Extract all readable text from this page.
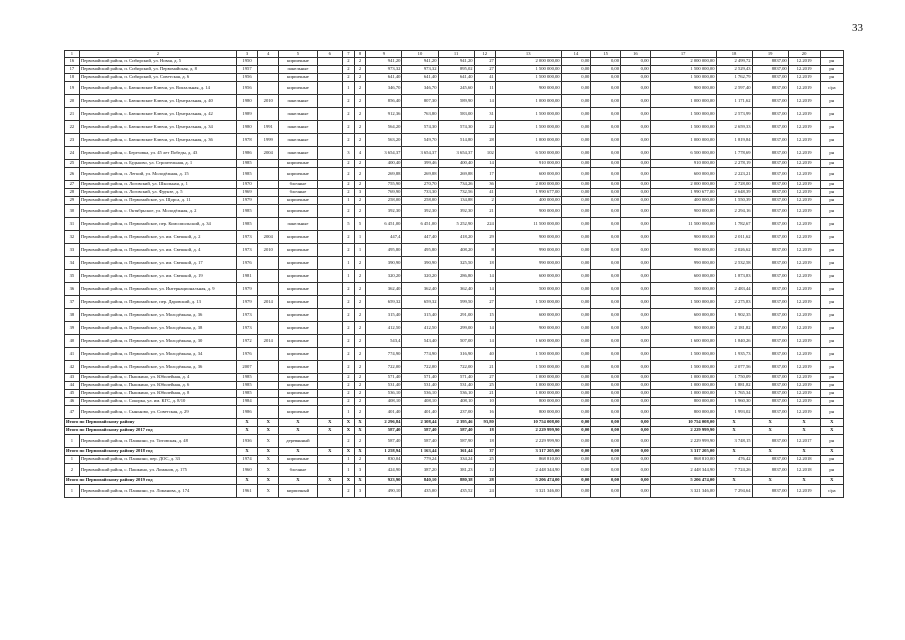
33
1	2	3	4	5	6	7	8	9	10	11	12	13	14	15	16	17	18	19	20	
16	Первомайский район, п. Сибирский, ул. Новая, д. 5	1950		кирпичные		2	2	941,20	941,20	941,20	27	2 000 000,00	0,00	0,00	0,00	2 000 000,00	2 499,72	8837,00	12.2019	рн
17	Первомайский район, п. Сибирский, ул. Первомайская, д. 8	1957		панельные		2	2	973,32	973,32	895,02	27	1 500 000,00	0,00	0,00	0,00	1 500 000,00	2 529,43	8837,00	12.2019	рн
18	Первомайский район, п. Сибирский, ул. Советская, д. 6	1956		кирпичные		2	2	641,40	641,40	641,40	41	1 500 000,00	0,00	0,00	0,00	1 500 000,00	1 762,79	8837,00	12.2019	рн
19	Первомайский район, с. Баюновские Ключи, ул. Вокзальная, д. 14	1956		кирпичные		1	2	346,70	346,70	245,60	11	900 000,00	0,00	0,00	0,00	900 000,00	2 597,40	8837,00	12.2019	с/ра
20	Первомайский район, с. Баюновские Ключи, ул. Центральная, д. 40	1980	2010	панельные		2	2	856,40	807,30	589,90	14	1 000 000,00	0,00	0,00	0,00	1 000 000,00	1 171,62	8837,00	12.2019	рн
21	Первомайский район, с. Баюновские Ключи, ул. Центральная, д. 42	1989		панельные		2	2	912,36	763,80	583,00	31	1 500 000,00	0,00	0,00	0,00	1 500 000,00	2 573,99	8837,00	12.2019	рн
22	Первомайский район, с. Баюновские Ключи, ул. Центральная, д. 34	1980	1991	панельные		2	2	564,20	574,30	574,30	22	1 500 000,00	0,00	0,00	0,00	1 500 000,00	2 659,33	8837,00	12.2019	рн
23	Первомайский район, с. Баюновские Ключи, ул. Центральная, д. 36	1978	1999	панельные		2	2	563,20	549,70	514,80	28	1 000 000,00	0,00	0,00	0,00	1 000 000,00	1 819,84	8837,00	12.2019	рн
24	Первомайский район, с. Березовка, ул. 45 лет Победы, д. 43	1986	2004	панельные		3	4	3 654,37	3 654,37	3 654,37	102	6 500 000,00	0,00	0,00	0,00	6 500 000,00	1 778,69	8837,00	12.2019	рн
25	Первомайский район, п. Будьково, ул. Строительная, д. 1	1985		кирпичные		2	2	400,40	399,46	400,40	14	910 000,00	0,00	0,00	0,00	910 000,00	2 278,19	8837,00	12.2019	рн
26	Первомайский район, п. Легкий, ул. Молодёжная, д. 15	1985		кирпичные		2	2	269,88	269,88	269,88	17	600 000,00	0,00	0,00	0,00	600 000,00	2 223,21	8837,00	12.2019	рн
27	Первомайский район, п. Логовский, ул. Школьная, д. 1	1970		блочные		2	2	755,90	270,70	734,26	36	2 000 000,00	0,00	0,00	0,00	2 000 000,00	2 728,00	8837,00	12.2019	рн
28	Первомайский район, п. Логовский, ул. Фрунзе, д. 5	1969		блочные		2	3	769,90	733,30	732,56	41	1 990 677,00	0,00	0,00	0,00	1 990 677,00	2 648,39	8837,00	12.2019	рн
29	Первомайский район, п. Первомайское, ул. Щорса, д. 11	1979		кирпичные		1	2	258,00	258,00	134,88	2	400 000,00	0,00	0,00	0,00	400 000,00	1 550,39	8837,00	12.2019	рн
30	Первомайский район, с. Октябрьское, ул. Молодёжная, д. 2	1985		кирпичные		2	2	392,30	392,30	392,30	21	900 000,00	0,00	0,00	0,00	900 000,00	2 294,16	8837,00	12.2019	рн
31	Первомайский район, п. Первомайское, пер. Комсомольский, д. 34	1985		панельные		5	5	6 451,00	6 451,00	5 252,90	224	11 500 000,00	0,00	0,00	0,00	11 500 000,00	1 782,67	8837,00	12.2019	рн
32	Первомайский район, п. Первомайское, ул. им. Свешкой, д. 2	1973	2004	кирпичные		2	1	447,4	447,40	418,20	29	900 000,00	0,00	0,00	0,00	900 000,00	2 011,62	8837,00	12.2019	рн
33	Первомайский район, п. Первомайское, ул. им. Свешкой, д. 4	1973	2010	кирпичные		2	1	495,80	495,80	408,20	8	990 000,00	0,00	0,00	0,00	990 000,00	2 026,62	8837,00	12.2019	рн
34	Первомайский район, п. Первомайское, ул. им. Свешкой, д. 17	1976		кирпичные		1	2	390,90	390,90	325,50	18	990 000,00	0,00	0,00	0,00	990 000,00	2 532,58	8837,00	12.2019	рн
35	Первомайский район, п. Первомайское, ул. им. Свешкой, д. 19	1981		кирпичные		1	2	320,20	320,20	286,80	14	600 000,00	0,00	0,00	0,00	600 000,00	1 873,83	8837,00	12.2019	рн
36	Первомайский район, п. Первомайское, ул. Интернациональная, д. 9	1979		кирпичные		2	2	362,40	362,40	362,40	14	500 000,00	0,00	0,00	0,00	500 000,00	2 483,44	8837,00	12.2019	рн
37	Первомайский район, п. Первомайское, пер. Даровский, д. 13	1979	2014	кирпичные		2	2	659,32	659,32	599,50	27	1 500 000,00	0,00	0,00	0,00	1 500 000,00	2 275,83	8837,00	12.2019	рн
38	Первомайский район, п. Первомайское, ул. Молодёжная, д. 36	1973		кирпичные		2	2	315,40	315,40	291,00	15	600 000,00	0,00	0,00	0,00	600 000,00	1 902,35	8837,00	12.2019	рн
39	Первомайский район, п. Первомайское, ул. Молодёжная, д. 38	1973		кирпичные		2	2	412,50	412,50	299,00	14	900 000,00	0,00	0,00	0,00	900 000,00	2 181,82	8837,00	12.2019	рн
40	Первомайский район, п. Первомайское, ул. Молодёжная, д. 30	1972	2014	кирпичные		2	2	543,4	543,40	507,00	14	1 600 000,00	0,00	0,00	0,00	1 600 000,00	1 840,26	8837,00	12.2019	рн
41	Первомайский район, п. Первомайское, ул. Молодёжная, д. 34	1976		кирпичные		2	2	774,90	774,90	316,90	40	1 500 000,00	0,00	0,00	0,00	1 500 000,00	1 935,73	8837,00	12.2019	рн
42	Первомайский район, п. Первомайское, ул. Молодёжная, д. 36	2007		кирпичные		2	2	722,00	722,00	722,00	21	1 500 000,00	0,00	0,00	0,00	1 500 000,00	2 077,56	8837,00	12.2019	рн
43	Первомайский район, с. Пышкино, ул. Юбилейная, д. 4	1985		кирпичные		2	2	571,40	571,40	571,40	27	1 000 000,00	0,00	0,00	0,00	1 000 000,00	1 750,09	8837,00	12.2019	рн
44	Первомайский район, с. Пышкино, ул. Юбилейная, д. 6	1985		кирпичные		2	2	531,40	531,40	531,40	25	1 000 000,00	0,00	0,00	0,00	1 000 000,00	1 881,82	8837,00	12.2019	рн
45	Первомайский район, с. Пышкино, ул. Юбилейная, д. 8	1985		кирпичные		2	2	536,10	536,10	536,10	21	1 000 000,00	0,00	0,00	0,00	1 000 000,00	1 765,34	8837,00	12.2019	рн
46	Первомайский район, с. Сокорка, ул. им. КГС, д. 8/10	1984		кирпичные		2	2	408,10	408,10	408,10	10	800 000,00	0,00	0,00	0,00	800 000,00	1 960,30	8837,00	12.2019	рн
47	Первомайский район, с. Сыньково, ул. Советская, д. 29	1986		кирпичные		1	2	401,40	401,40	237,00	16	800 000,00	0,00	0,00	0,00	800 000,00	1 993,02	8837,00	12.2019	рн
Итого по Первомайскому району		X	X	X	X	X	X	2 296,84	2 308,44	2 395,46	93,80	10 754 008,00	0,00	0,00	0,00	10 754 008,00	X	X	X	X
Итого по Первомайскому району 2017 год		X	X	X	X	X	X	587,40	587,40	587,40	18	2 229 999,90	0,00	0,00	0,00	2 229 999,90	X	X	X	X
1	Первомайский район, п. Пашкино, ул. Титовская, д. 48	1936	X	деревянный		2	2	587,40	587,40	587,90	18	2 229 999,90	0,00	0,00	0,00	2 229 999,90	3 748,15	8837,00	12.2017	рн
Итого по Первомайскому району 2018 год		X	X	X	X	X	X	1 258,94	1 163,44	361,44	37	3 317 205,00	0,00	0,00	0,00	3 317 205,00	X	X	X	X
1	Первомайский район, п. Пашкино, пер. ДОС, д. 33	1974	X	кирпичные		1	2	830,04	779,24	334,24	25	868 810,00	0,00	0,00	0,00	868 810,00	476,42	8837,00	12.2018	рн
2	Первомайский район, с. Пашкино, ул. Ломанов, д. 175	1960	X	блочные		1	3	424,90	387,20	381,23	12	2 448 344,90	0,00	0,00	0,00	2 448 344,90	7 724,26	8837,00	12.2018	рн
Итого по Первомайскому району 2019 год		X	X	X	X	X	X	923,90	840,10	880,38	28	5 206 474,00	0,00	0,00	0,00	5 206 474,00	X	X	X	X
1	Первомайский район, п. Пашкино, ул. Ломанова, д. 174	1961	X	кирпичный		2	3	490,10	435,00	435,52	24	3 321 346,00	0,00	0,00	0,00	3 321 346,00	7 294,64	8837,00	12.2019	с/ра
